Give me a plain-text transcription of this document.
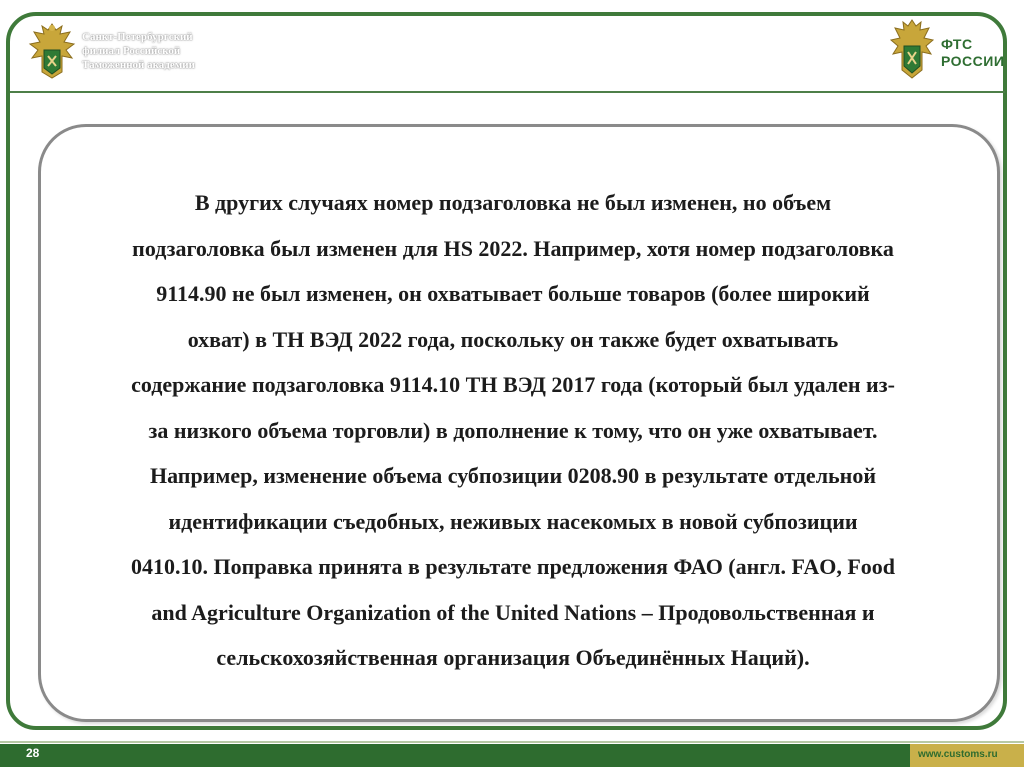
Санкт-Петербургский
филиал Российской
Таможенной академии
ФТС
РОССИИ
В других случаях номер подзаголовка не был изменен, но объем
подзаголовка был изменен для HS 2022. Например, хотя номер подзаголовка
9114.90 не был изменен, он охватывает больше товаров (более широкий
охват) в ТН ВЭД 2022 года, поскольку он также будет охватывать
содержание подзаголовка 9114.10 ТН ВЭД 2017 года (который был удален из-
за низкого объема торговли) в дополнение к тому, что он уже охватывает.
Например, изменение объема субпозиции 0208.90 в результате отдельной
идентификации съедобных, неживых насекомых в новой субпозиции
0410.10. Поправка принята в результате предложения ФАО (англ. FAO, Food
and Agriculture Organization of the United Nations – Продовольственная и
сельскохозяйственная организация Объединённых Наций).
28	www.customs.ru
